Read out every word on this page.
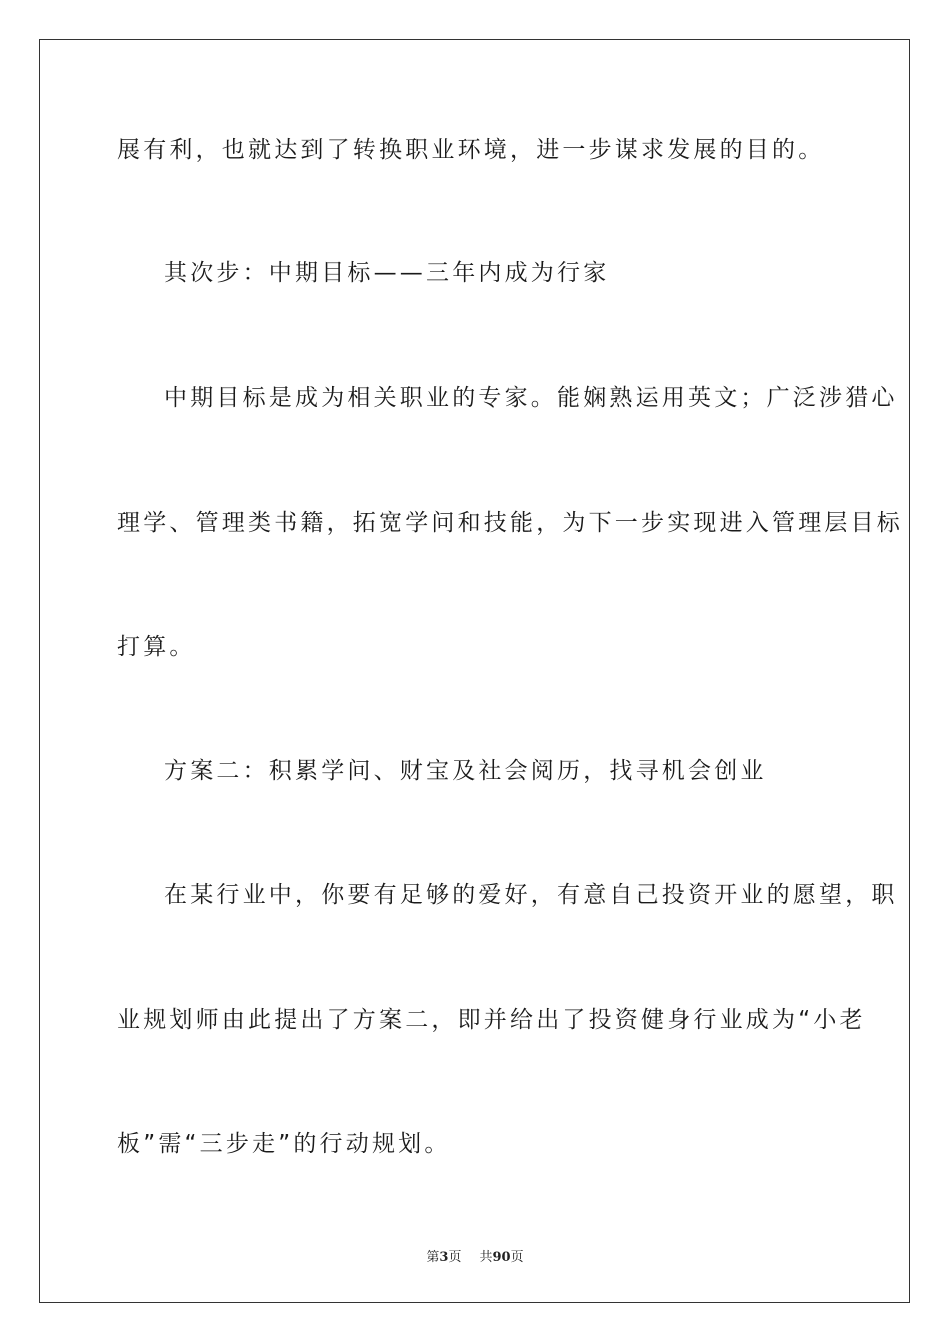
展有利，也就达到了转换职业环境，进一步谋求发展的目的。
其次步：中期目标——三年内成为行家
中期目标是成为相关职业的专家。能娴熟运用英文；广泛涉猎心
理学、管理类书籍，拓宽学问和技能，为下一步实现进入管理层目标
打算。
方案二：积累学问、财宝及社会阅历，找寻机会创业
在某行业中，你要有足够的爱好，有意自己投资开业的愿望，职
业规划师由此提出了方案二，即并给出了投资健身行业成为“小老
板”需“三步走”的行动规划。
第3页 共90页
